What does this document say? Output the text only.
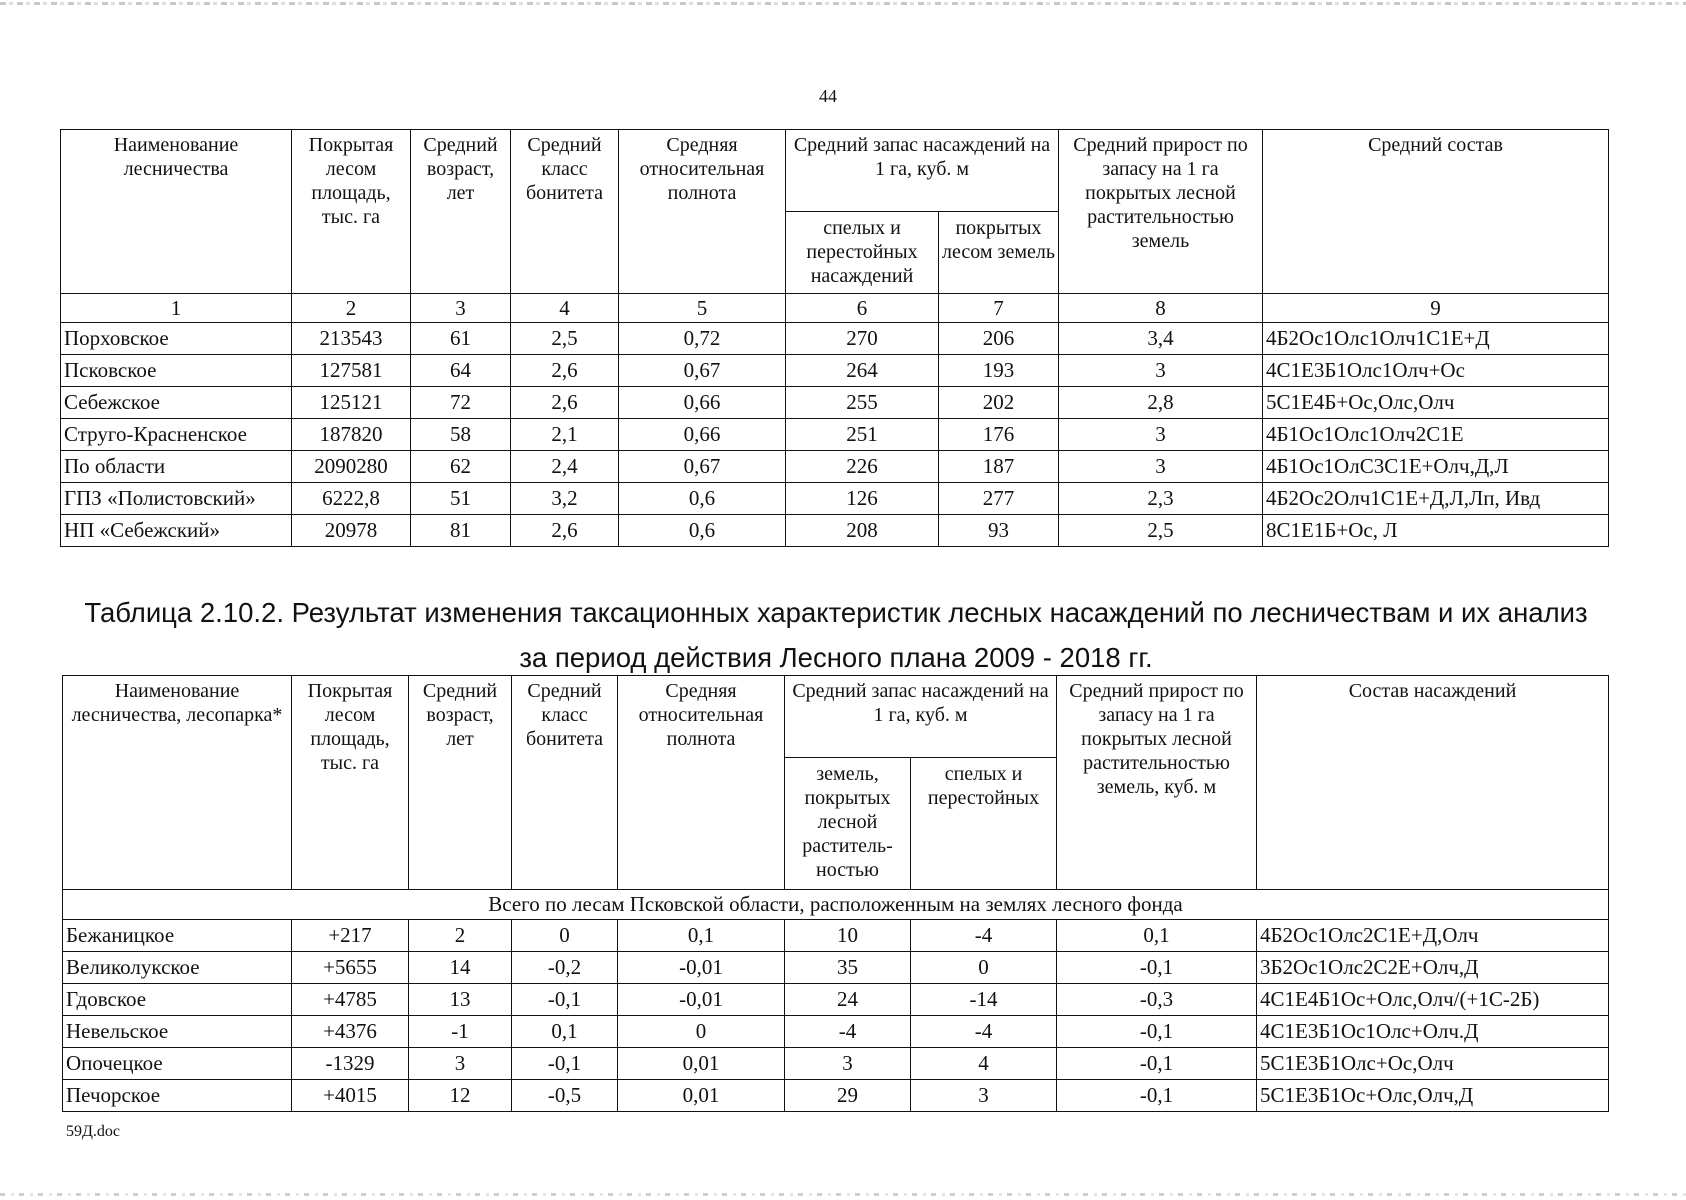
44
Наименование лесничества	Покрытая лесом площадь, тыс. га	Средний возраст, лет	Средний класс бонитета	Средняя относительная полнота	Средний запас насаждений на 1 га, куб. м		Средний прирост по запасу на 1 га покрытых лесной растительностью земель	Средний состав
					спелых и перестойных насаждений	покрытых лесом земель		
1	2	3	4	5	6	7	8	9
Порховское	213543	61	2,5	0,72	270	206	3,4	4Б2Ос1Олс1Олч1С1Е+Д
Псковское	127581	64	2,6	0,67	264	193	3	4С1Е3Б1Олс1Олч+Ос
Себежское	125121	72	2,6	0,66	255	202	2,8	5С1Е4Б+Ос,Олс,Олч
Струго-Красненское	187820	58	2,1	0,66	251	176	3	4Б1Ос1Олс1Олч2С1Е
По области	2090280	62	2,4	0,67	226	187	3	4Б1Ос1ОлС3С1Е+Олч,Д,Л
ГПЗ «Полистовский»	6222,8	51	3,2	0,6	126	277	2,3	4Б2Ос2Олч1С1Е+Д,Л,Лп, Ивд
НП «Себежский»	20978	81	2,6	0,6	208	93	2,5	8С1Е1Б+Ос, Л
Таблица 2.10.2. Результат изменения таксационных характеристик лесных насаждений по лесничествам и их анализ
за период действия Лесного плана 2009 - 2018 гг.
Наименование лесничества, лесопарка*	Покрытая лесом площадь, тыс. га	Средний возраст, лет	Средний класс бонитета	Средняя относительная полнота	Средний запас насаждений на 1 га, куб. м		Средний прирост по запасу на 1 га покрытых лесной растительностью земель, куб. м	Состав насаждений
					земель, покрытых лесной раститель- ностью	спелых и перестойных		
Всего по лесам Псковской области, расположенным на землях лесного фонда								
Бежаницкое	+217	2	0	0,1	10	-4	0,1	4Б2Ос1Олс2С1Е+Д,Олч
Великолукское	+5655	14	-0,2	-0,01	35	0	-0,1	3Б2Ос1Олс2С2Е+Олч,Д
Гдовское	+4785	13	-0,1	-0,01	24	-14	-0,3	4С1Е4Б1Ос+Олс,Олч/(+1С-2Б)
Невельское	+4376	-1	0,1	0	-4	-4	-0,1	4С1Е3Б1Ос1Олс+Олч.Д
Опочецкое	-1329	3	-0,1	0,01	3	4	-0,1	5С1Е3Б1Олс+Ос,Олч
Печорское	+4015	12	-0,5	0,01	29	3	-0,1	5С1Е3Б1Ос+Олс,Олч,Д
59Д.doc
